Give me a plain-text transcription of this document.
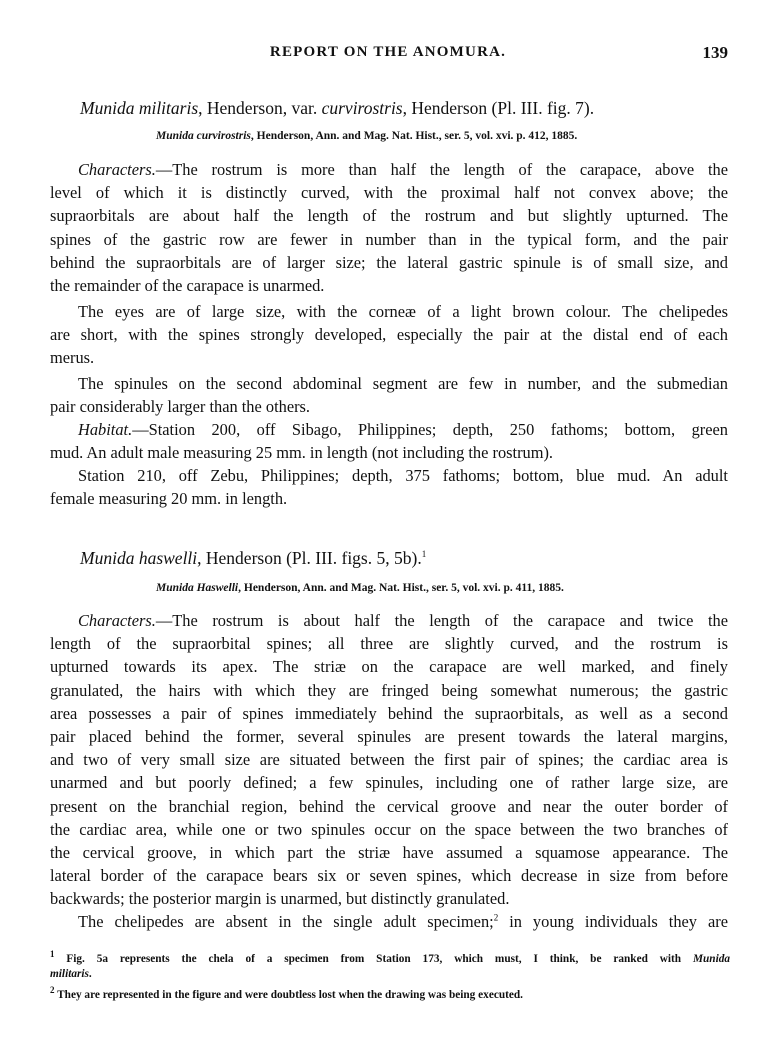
REPORT ON THE ANOMURA.	139
Munida militaris, Henderson, var. curvirostris, Henderson (Pl. III. fig. 7).
Munida curvirostris, Henderson, Ann. and Mag. Nat. Hist., ser. 5, vol. xvi. p. 412, 1885.
Characters.—The rostrum is more than half the length of the carapace, above the
level of which it is distinctly curved, with the proximal half not convex above; the
supraorbitals are about half the length of the rostrum and but slightly upturned. The
spines of the gastric row are fewer in number than in the typical form, and the pair
behind the supraorbitals are of larger size; the lateral gastric spinule is of small size, and
the remainder of the carapace is unarmed.
The eyes are of large size, with the corneæ of a light brown colour. The chelipedes
are short, with the spines strongly developed, especially the pair at the distal end of each
merus.
The spinules on the second abdominal segment are few in number, and the submedian
pair considerably larger than the others.
Habitat.—Station 200, off Sibago, Philippines; depth, 250 fathoms; bottom, green
mud. An adult male measuring 25 mm. in length (not including the rostrum).
Station 210, off Zebu, Philippines; depth, 375 fathoms; bottom, blue mud. An adult
female measuring 20 mm. in length.
Munida haswelli, Henderson (Pl. III. figs. 5, 5b).$^1$
Munida Haswelli, Henderson, Ann. and Mag. Nat. Hist., ser. 5, vol. xvi. p. 411, 1885.
Characters.—The rostrum is about half the length of the carapace and twice the
length of the supraorbital spines; all three are slightly curved, and the rostrum is
upturned towards its apex. The striæ on the carapace are well marked, and finely
granulated, the hairs with which they are fringed being somewhat numerous; the gastric
area possesses a pair of spines immediately behind the supraorbitals, as well as a second
pair placed behind the former, several spinules are present towards the lateral margins,
and two of very small size are situated between the first pair of spines; the cardiac area is
unarmed and but poorly defined; a few spinules, including one of rather large size, are
present on the branchial region, behind the cervical groove and near the outer border of
the cardiac area, while one or two spinules occur on the space between the two branches of
the cervical groove, in which part the striæ have assumed a squamose appearance. The
lateral border of the carapace bears six or seven spines, which decrease in size from before
backwards; the posterior margin is unarmed, but distinctly granulated.
The chelipedes are absent in the single adult specimen;$^2$ in young individuals they are
$^1$ Fig. 5a represents the chela of a specimen from Station 173, which must, I think, be ranked with Munida
militaris.
$^2$ They are represented in the figure and were doubtless lost when the drawing was being executed.
